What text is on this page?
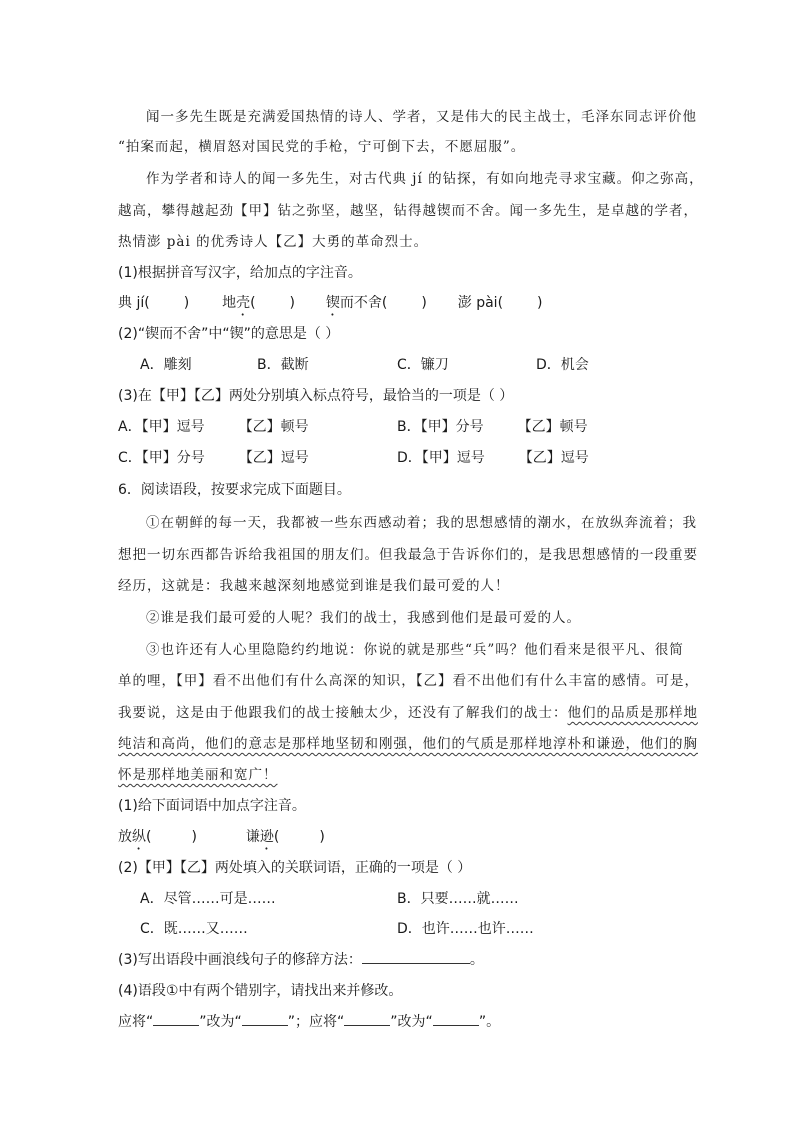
闻一多先生既是充满爱国热情的诗人、学者，又是伟大的民主战士，毛泽东同志评价他
“拍案而起，横眉怒对国民党的手枪，宁可倒下去，不愿屈服”。
作为学者和诗人的闻一多先生，对古代典 jí 的钻探，有如向地壳寻求宝藏。仰之弥高，
越高，攀得越起劲【甲】钻之弥坚，越坚，钻得越锲而不舍。闻一多先生，是卓越的学者，
热情澎 pài 的优秀诗人【乙】大勇的革命烈士。
(1)根据拼音写汉字，给加点的字注音。
典 jí( ) 地壳( ) 锲而不舍( ) 澎 pài( )
(2)“锲而不舍”中“锲”的意思是（ ）
A．雕刻	B．截断	C．镰刀	D．机会
(3)在【甲】【乙】两处分别填入标点符号，最恰当的一项是（ ）
A．【甲】逗号 【乙】顿号	B．【甲】分号 【乙】顿号
C．【甲】分号 【乙】逗号	D．【甲】逗号 【乙】逗号
6．阅读语段，按要求完成下面题目。
①在朝鲜的每一天，我都被一些东西感动着；我的思想感情的潮水，在放纵奔流着；我
想把一切东西都告诉给我祖国的朋友们。但我最急于告诉你们的，是我思想感情的一段重要
经历，这就是：我越来越深刻地感觉到谁是我们最可爱的人！
②谁是我们最可爱的人呢？我们的战士，我感到他们是最可爱的人。
③也许还有人心里隐隐约约地说：你说的就是那些“兵”吗？他们看来是很平凡、很简
单的哩，【甲】看不出他们有什么高深的知识，【乙】看不出他们有什么丰富的感情。可是，
我要说，这是由于他跟我们的战士接触太少，还没有了解我们的战士：他们的品质是那样地
纯洁和高尚，他们的意志是那样地坚韧和刚强，他们的气质是那样地淳朴和谦逊，他们的胸
怀是那样地美丽和宽广！
(1)给下面词语中加点字注音。
放纵(	)	谦逊(	)
(2)【甲】【乙】两处填入的关联词语，正确的一项是（ ）
A．尽管……可是……	B．只要……就……
C．既……又……	D．也许……也许……
(3)写出语段中画浪线句子的修辞方法：	。
(4)语段①中有两个错别字，请找出来并修改。
应将“	”改为“	”；应将“	”改为“	”。
